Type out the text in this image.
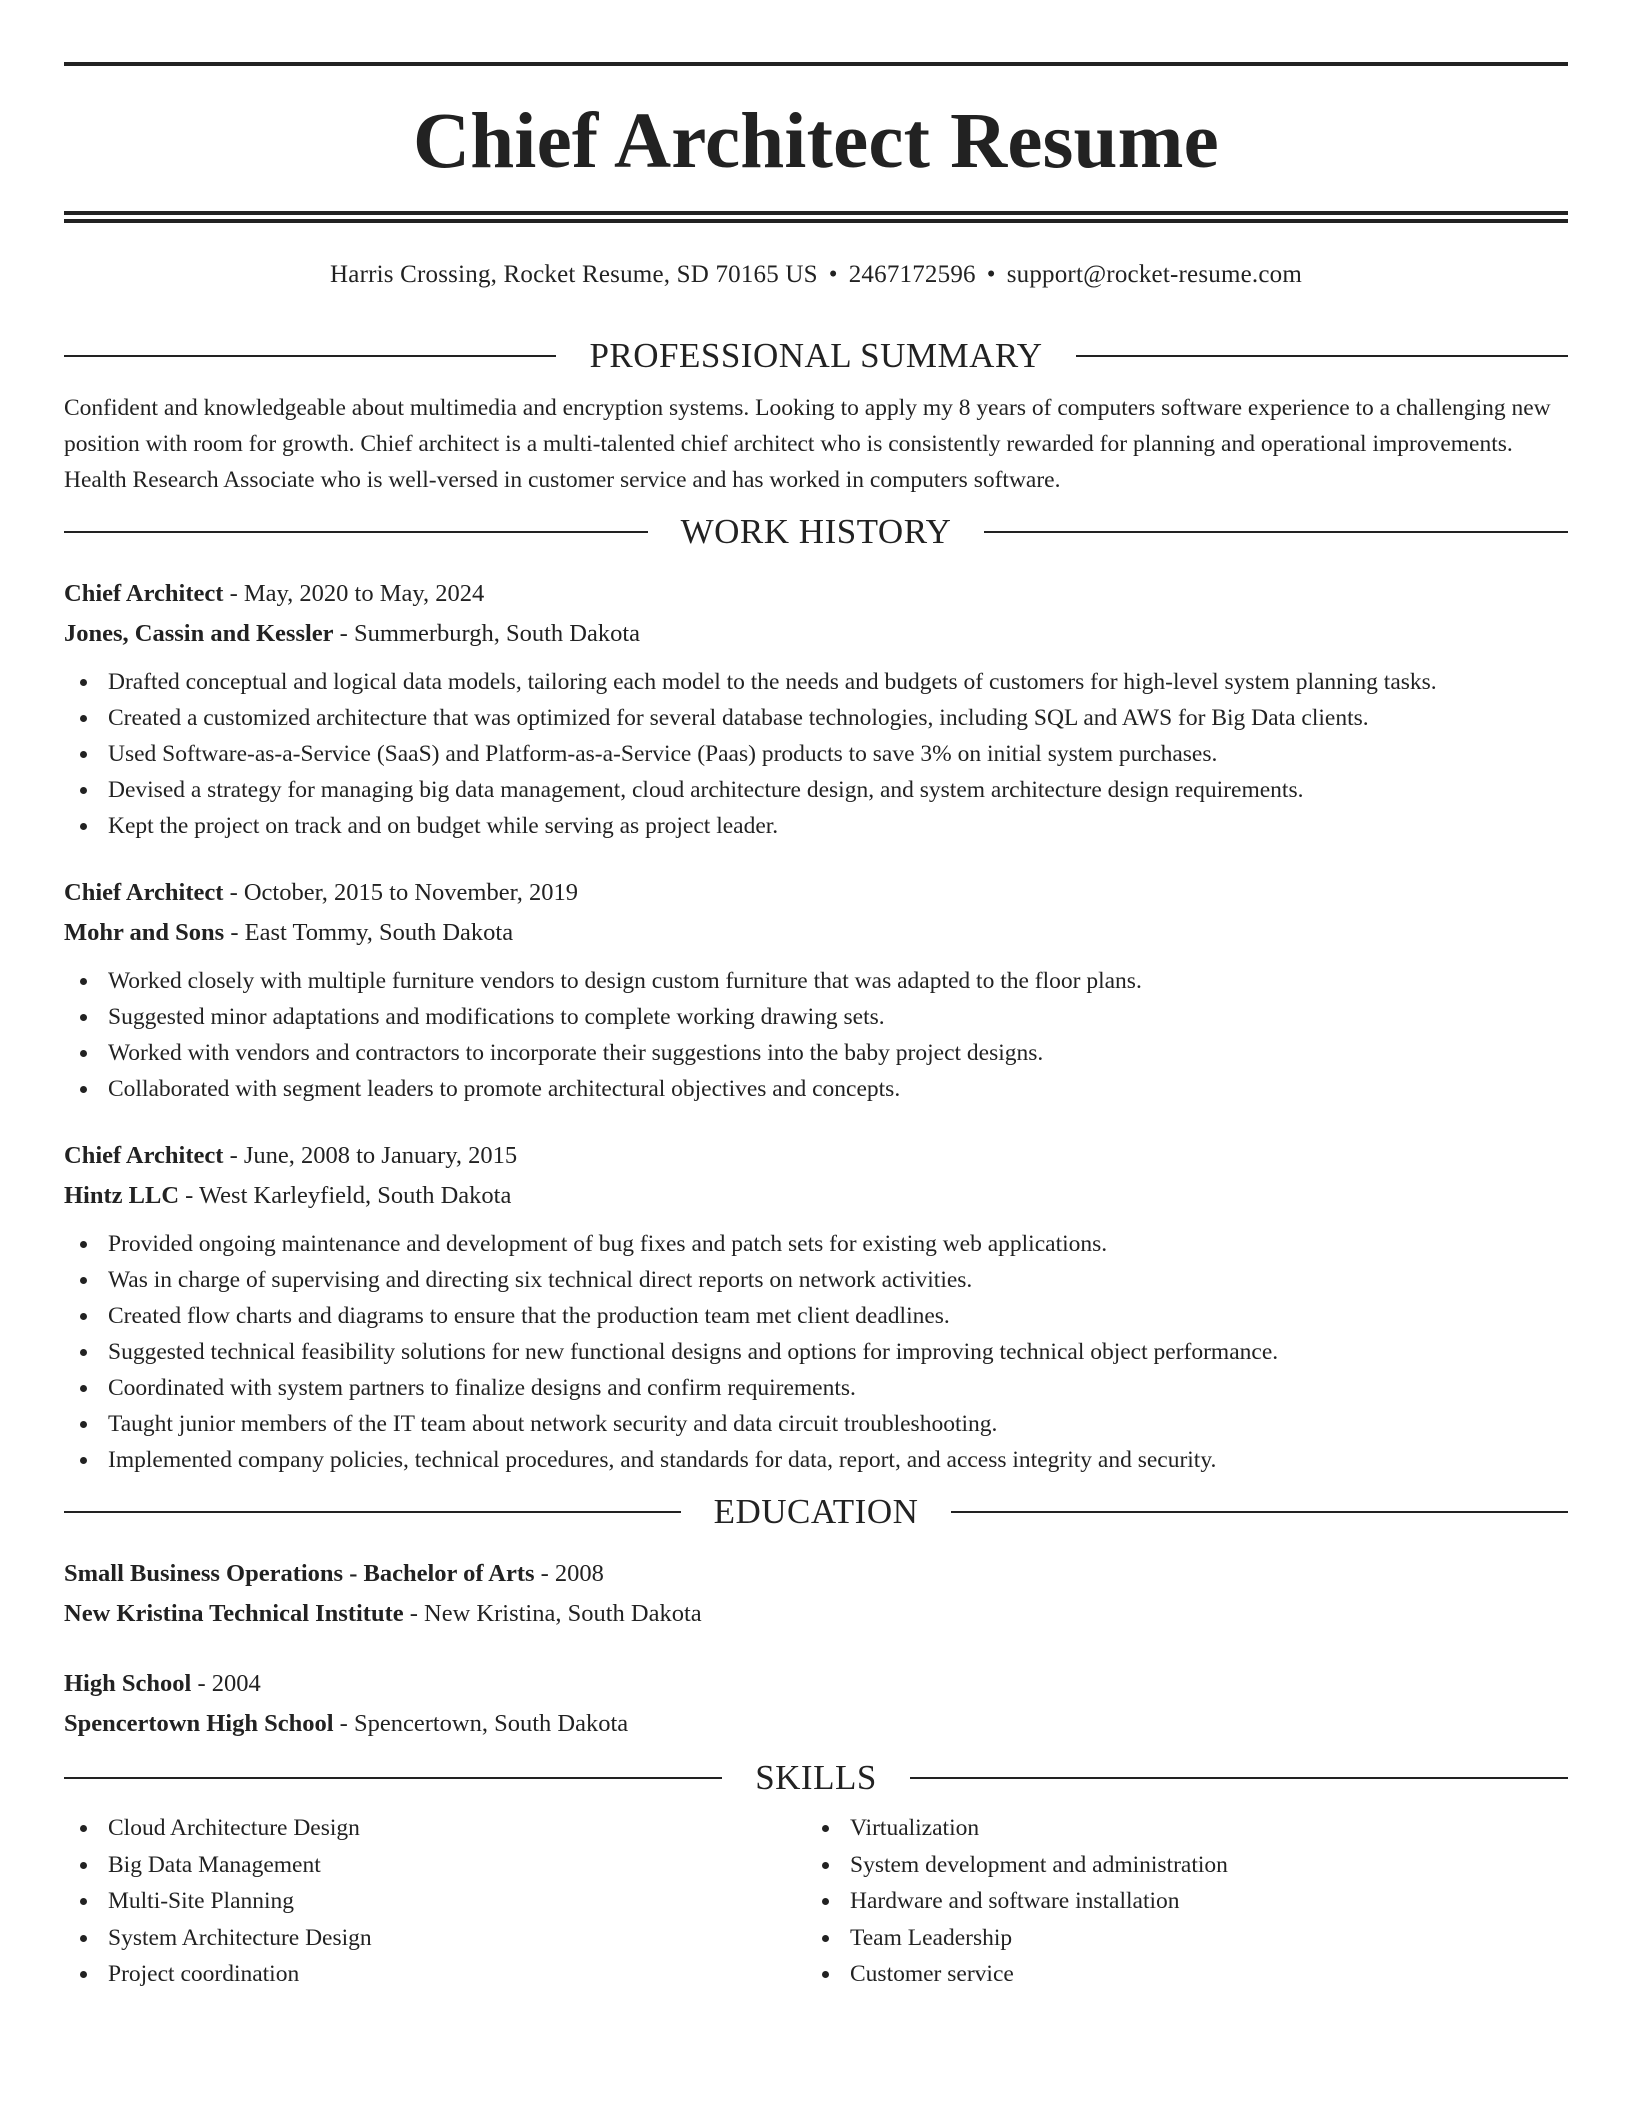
Chief Architect Resume
Harris Crossing, Rocket Resume, SD 70165 US • 2467172596 • support@rocket-resume.com
PROFESSIONAL SUMMARY

Confident and knowledgeable about multimedia and encryption systems. Looking to apply my 8 years of computers software experience to a challenging new position with room for growth. Chief architect is a multi-talented chief architect who is consistently rewarded for planning and operational improvements. Health Research Associate who is well-versed in customer service and has worked in computers software.

WORK HISTORY
Chief Architect - May, 2020 to May, 2024
Jones, Cassin and Kessler - Summerburgh, South Dakota
Drafted conceptual and logical data models, tailoring each model to the needs and budgets of customers for high-level system planning tasks.
Created a customized architecture that was optimized for several database technologies, including SQL and AWS for Big Data clients.
Used Software-as-a-Service (SaaS) and Platform-as-a-Service (Paas) products to save 3% on initial system purchases.
Devised a strategy for managing big data management, cloud architecture design, and system architecture design requirements.
Kept the project on track and on budget while serving as project leader.
Chief Architect - October, 2015 to November, 2019
Mohr and Sons - East Tommy, South Dakota
Worked closely with multiple furniture vendors to design custom furniture that was adapted to the floor plans.
Suggested minor adaptations and modifications to complete working drawing sets.
Worked with vendors and contractors to incorporate their suggestions into the baby project designs.
Collaborated with segment leaders to promote architectural objectives and concepts.
Chief Architect - June, 2008 to January, 2015
Hintz LLC - West Karleyfield, South Dakota
Provided ongoing maintenance and development of bug fixes and patch sets for existing web applications.
Was in charge of supervising and directing six technical direct reports on network activities.
Created flow charts and diagrams to ensure that the production team met client deadlines.
Suggested technical feasibility solutions for new functional designs and options for improving technical object performance.
Coordinated with system partners to finalize designs and confirm requirements.
Taught junior members of the IT team about network security and data circuit troubleshooting.
Implemented company policies, technical procedures, and standards for data, report, and access integrity and security.
EDUCATION
Small Business Operations - Bachelor of Arts - 2008
New Kristina Technical Institute - New Kristina, South Dakota
High School - 2004
Spencertown High School - Spencertown, South Dakota
SKILLS
Cloud Architecture Design
Big Data Management
Multi-Site Planning
System Architecture Design
Project coordination
Virtualization
System development and administration
Hardware and software installation
Team Leadership
Customer service
